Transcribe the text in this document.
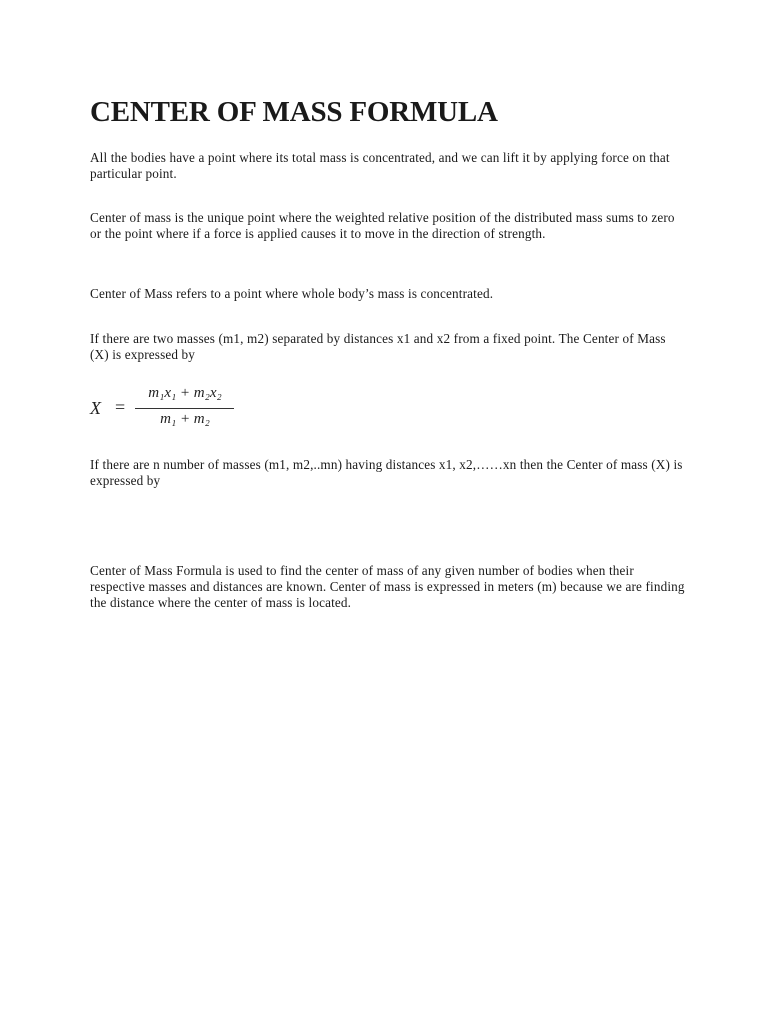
CENTER OF MASS FORMULA

All the bodies have a point where its total mass is concentrated, and we can lift it by applying force on that particular point.

Center of mass is the unique point where the weighted relative position of the distributed mass sums to zero or the point where if a force is applied causes it to move in the direction of strength.

Center of Mass refers to a point where whole body’s mass is concentrated.

If there are two masses (m1, m2) separated by distances x1 and x2 from a fixed point. The Center of Mass (X) is expressed by

X =
m₁x₁ + m₂x₂
m₁ + m₂

If there are n number of masses (m1, m2,..mn) having distances x1, x2,……xn then the Center of mass (X) is expressed by

Center of Mass Formula is used to find the center of mass of any given number of bodies when their respective masses and distances are known. Center of mass is expressed in meters (m) because we are finding the distance where the center of mass is located.
